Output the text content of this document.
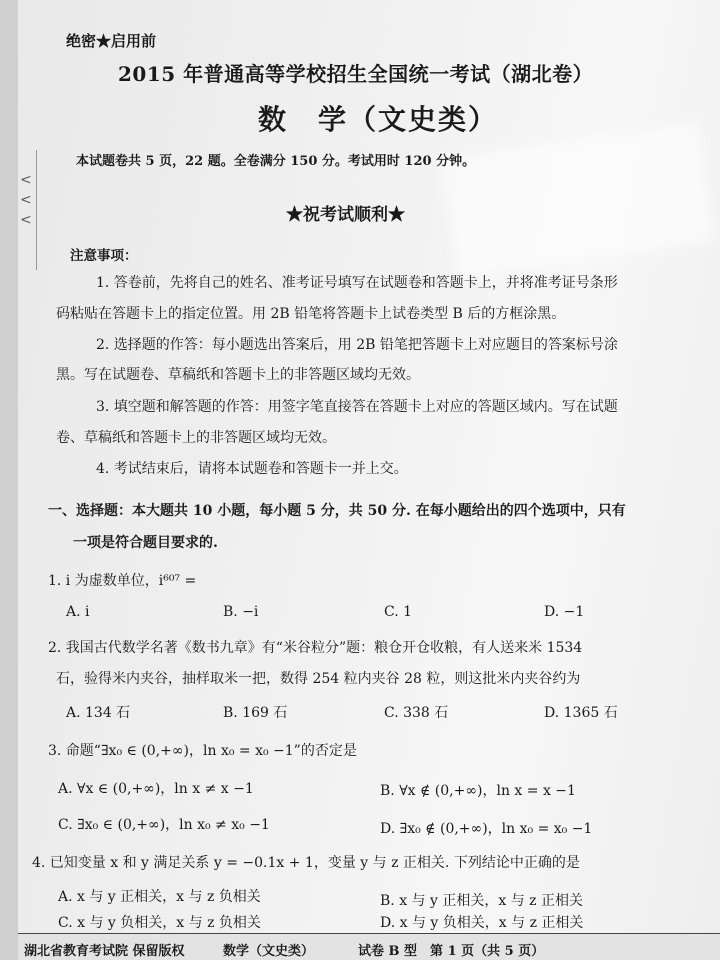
<
<
<
绝密★启用前
2015 年普通高等学校招生全国统一考试（湖北卷）
数　学（文史类）
本试题卷共 5 页，22 题。全卷满分 150 分。考试用时 120 分钟。
★祝考试顺利★
注意事项：
1. 答卷前，先将自己的姓名、准考证号填写在试题卷和答题卡上，并将准考证号条形
码粘贴在答题卡上的指定位置。用 2B 铅笔将答题卡上试卷类型 B 后的方框涂黑。
2. 选择题的作答：每小题选出答案后，用 2B 铅笔把答题卡上对应题目的答案标号涂
黑。写在试题卷、草稿纸和答题卡上的非答题区域均无效。
3. 填空题和解答题的作答：用签字笔直接答在答题卡上对应的答题区域内。写在试题
卷、草稿纸和答题卡上的非答题区域均无效。
4. 考试结束后，请将本试题卷和答题卡一并上交。
一、选择题：本大题共 10 小题，每小题 5 分，共 50 分. 在每小题给出的四个选项中，只有
一项是符合题目要求的.
1. i 为虚数单位，i⁶⁰⁷ =
A. i	B. −i	C. 1	D. −1
2. 我国古代数学名著《数书九章》有“米谷粒分”题：粮仓开仓收粮，有人送来米 1534
石，验得米内夹谷，抽样取米一把，数得 254 粒内夹谷 28 粒，则这批米内夹谷约为
A. 134 石	B. 169 石	C. 338 石	D. 1365 石
3. 命题“∃x₀ ∈ (0,+∞)，ln x₀ = x₀ −1”的否定是
A. ∀x ∈ (0,+∞)，ln x ≠ x −1	B. ∀x ∉ (0,+∞)，ln x = x −1
C. ∃x₀ ∈ (0,+∞)，ln x₀ ≠ x₀ −1	D. ∃x₀ ∉ (0,+∞)，ln x₀ = x₀ −1
4. 已知变量 x 和 y 满足关系 y = −0.1x + 1，变量 y 与 z 正相关. 下列结论中正确的是
A. x 与 y 正相关，x 与 z 负相关	B. x 与 y 正相关，x 与 z 正相关
C. x 与 y 负相关，x 与 z 负相关	D. x 与 y 负相关，x 与 z 正相关
湖北省教育考试院 保留版权	数学（文史类）	试卷 B 型　第 1 页（共 5 页）
